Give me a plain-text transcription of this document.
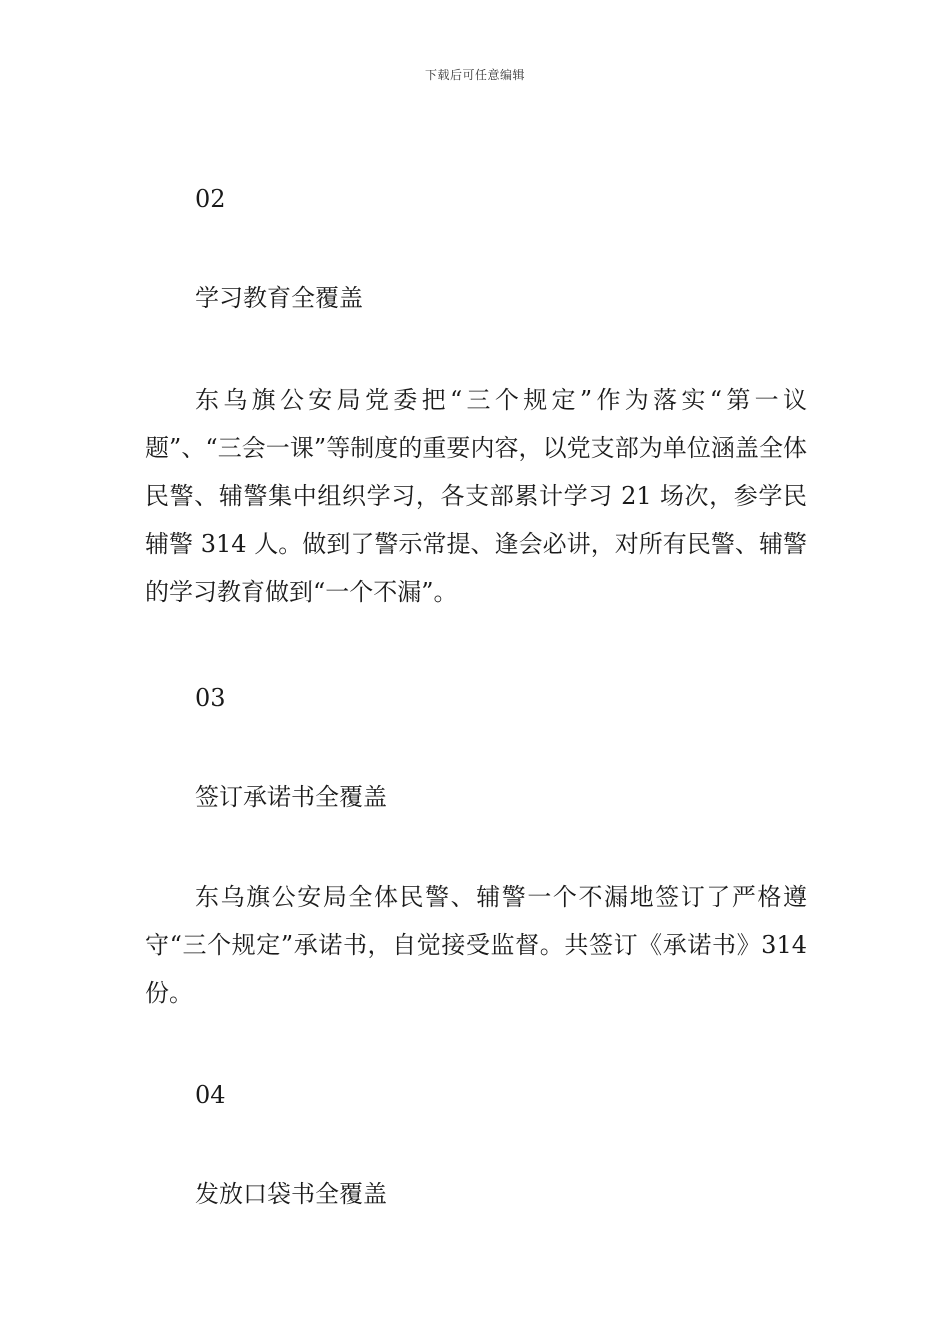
下载后可任意编辑

02

学习教育全覆盖

东乌旗公安局党委把“三个规定”作为落实“第一议题”、“三会一课”等制度的重要内容，以党支部为单位涵盖全体民警、辅警集中组织学习，各支部累计学习 21 场次，参学民辅警 314 人。做到了警示常提、逢会必讲，对所有民警、辅警的学习教育做到“一个不漏”。

03

签订承诺书全覆盖

东乌旗公安局全体民警、辅警一个不漏地签订了严格遵守“三个规定”承诺书，自觉接受监督。共签订《承诺书》314 份。

04

发放口袋书全覆盖
